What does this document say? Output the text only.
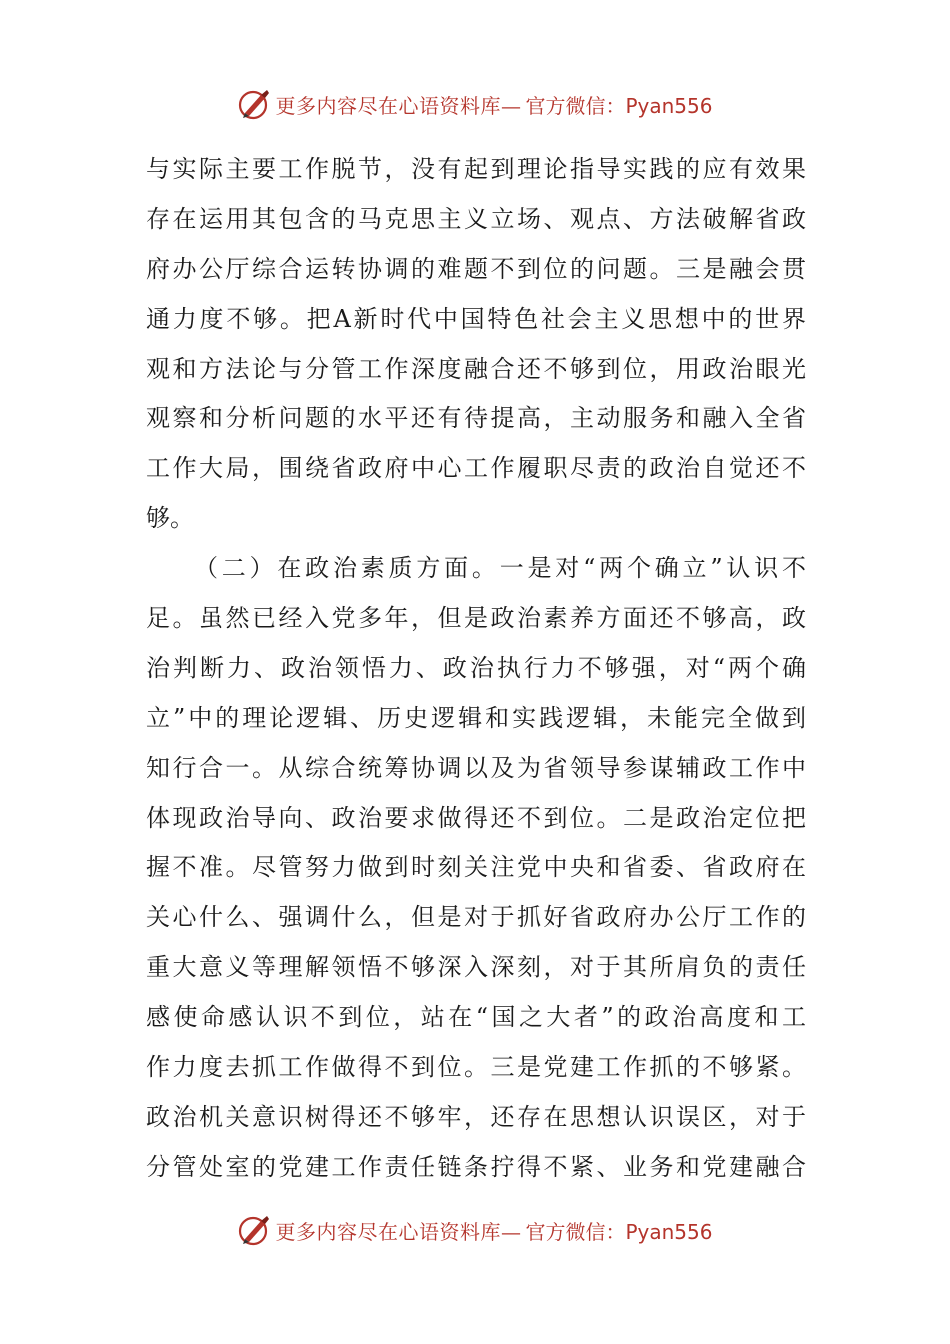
更多内容尽在心语资料库— 官方微信：Pyan556
与实际主要工作脱节，没有起到理论指导实践的应有效果
存在运用其包含的马克思主义立场、观点、方法破解省政
府办公厅综合运转协调的难题不到位的问题。三是融会贯
通力度不够。把A新时代中国特色社会主义思想中的世界
观和方法论与分管工作深度融合还不够到位，用政治眼光
观察和分析问题的水平还有待提高，主动服务和融入全省
工作大局，围绕省政府中心工作履职尽责的政治自觉还不
够。
（二）在政治素质方面。一是对“两个确立”认识不
足。虽然已经入党多年，但是政治素养方面还不够高，政
治判断力、政治领悟力、政治执行力不够强，对“两个确
立”中的理论逻辑、历史逻辑和实践逻辑，未能完全做到
知行合一。从综合统筹协调以及为省领导参谋辅政工作中
体现政治导向、政治要求做得还不到位。二是政治定位把
握不准。尽管努力做到时刻关注党中央和省委、省政府在
关心什么、强调什么，但是对于抓好省政府办公厅工作的
重大意义等理解领悟不够深入深刻，对于其所肩负的责任
感使命感认识不到位，站在“国之大者”的政治高度和工
作力度去抓工作做得不到位。三是党建工作抓的不够紧。
政治机关意识树得还不够牢，还存在思想认识误区，对于
分管处室的党建工作责任链条拧得不紧、业务和党建融合
更多内容尽在心语资料库— 官方微信：Pyan556
